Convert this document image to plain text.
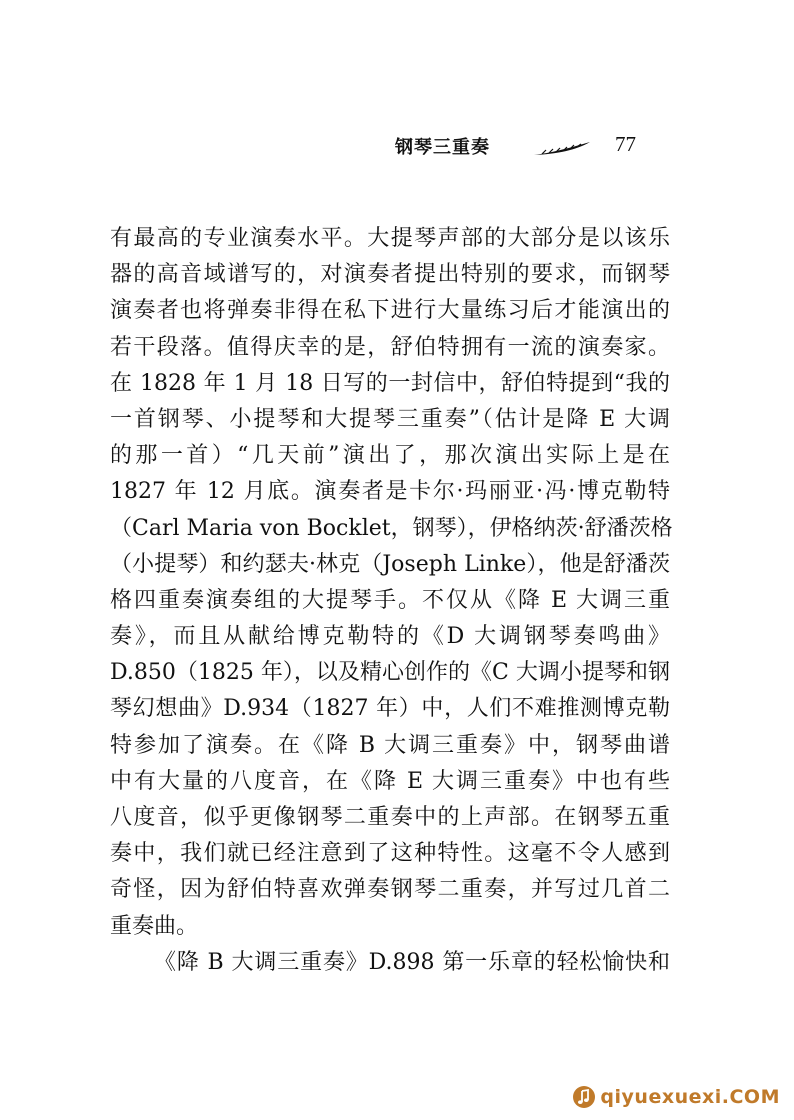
钢琴三重奏	77
有最高的专业演奏水平。大提琴声部的大部分是以该乐
器的高音域谱写的，对演奏者提出特别的要求，而钢琴
演奏者也将弹奏非得在私下进行大量练习后才能演出的
若干段落。值得庆幸的是，舒伯特拥有一流的演奏家。
在 1828 年 1 月 18 日写的一封信中，舒伯特提到“我的
一首钢琴、小提琴和大提琴三重奏”（估计是降 E 大调
的那一首）“几天前”演出了，那次演出实际上是在
1827 年 12 月底。演奏者是卡尔·玛丽亚·冯·博克勒特
（Carl Maria von Bocklet，钢琴），伊格纳茨·舒潘茨格
（小提琴）和约瑟夫·林克（Joseph Linke），他是舒潘茨
格四重奏演奏组的大提琴手。不仅从《降 E 大调三重
奏》，而且从献给博克勒特的《D 大调钢琴奏鸣曲》
D.850（1825 年），以及精心创作的《C 大调小提琴和钢
琴幻想曲》D.934（1827 年）中，人们不难推测博克勒
特参加了演奏。在《降 B 大调三重奏》中，钢琴曲谱
中有大量的八度音，在《降 E 大调三重奏》中也有些
八度音，似乎更像钢琴二重奏中的上声部。在钢琴五重
奏中，我们就已经注意到了这种特性。这毫不令人感到
奇怪，因为舒伯特喜欢弹奏钢琴二重奏，并写过几首二
重奏曲。
《降 B 大调三重奏》D.898 第一乐章的轻松愉快和
qiyuexuexi.COM
